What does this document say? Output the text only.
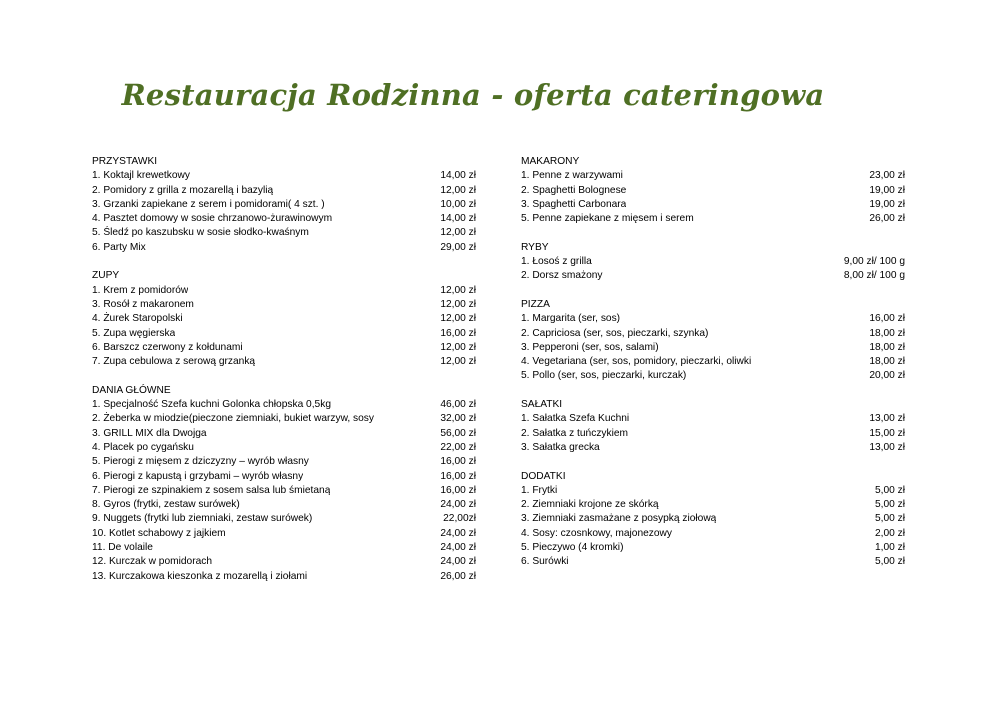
Restauracja Rodzinna - oferta cateringowa
PRZYSTAWKI
1. Koktajl krewetkowy	14,00 zł
2. Pomidory z grilla z mozarellą i bazylią	12,00 zł
3. Grzanki zapiekane z serem i pomidorami( 4 szt. )	10,00 zł
4. Pasztet domowy w sosie chrzanowo-żurawinowym	14,00 zł
5. Śledź po kaszubsku w sosie słodko-kwaśnym	12,00 zł
6. Party Mix	29,00 zł
ZUPY
1. Krem z pomidorów	12,00 zł
3. Rosół z makaronem	12,00 zł
4. Żurek Staropolski	12,00 zł
5. Zupa węgierska	16,00 zł
6. Barszcz czerwony z kołdunami	12,00 zł
7. Zupa cebulowa z serową grzanką	12,00 zł
DANIA GŁÓWNE
1. Specjalność Szefa kuchni Golonka chłopska 0,5kg	46,00 zł
2. Żeberka w miodzie(pieczone ziemniaki, bukiet warzyw, sosy	32,00 zł
3. GRILL MIX dla Dwojga	56,00 zł
4. Placek po cygańsku	22,00 zł
5. Pierogi z mięsem z dziczyzny – wyrób własny	16,00 zł
6. Pierogi z kapustą i grzybami – wyrób własny	16,00 zł
7. Pierogi ze szpinakiem z sosem salsa lub śmietaną	16,00 zł
8. Gyros (frytki, zestaw surówek)	24,00 zł
9. Nuggets (frytki lub ziemniaki, zestaw surówek)	22,00zł
10. Kotlet schabowy z jajkiem	24,00 zł
11. De volaile	24,00 zł
12. Kurczak w pomidorach	24,00 zł
13. Kurczakowa kieszonka z mozarellą i ziołami	26,00 zł
MAKARONY
1. Penne z warzywami	23,00 zł
2. Spaghetti Bolognese	19,00 zł
3. Spaghetti Carbonara	19,00 zł
5. Penne zapiekane z mięsem i serem	26,00 zł
RYBY
1. Łosoś z grilla	9,00 zł/ 100 g
2. Dorsz smażony	8,00 zł/ 100 g
PIZZA
1. Margarita (ser, sos)	16,00 zł
2. Capriciosa (ser, sos, pieczarki, szynka)	18,00 zł
3. Pepperoni (ser, sos, salami)	18,00 zł
4. Vegetariana (ser, sos, pomidory, pieczarki, oliwki	18,00 zł
5. Pollo (ser, sos, pieczarki, kurczak)	20,00 zł
SAŁATKI
1. Sałatka Szefa Kuchni	13,00 zł
2. Sałatka z tuńczykiem	15,00 zł
3. Sałatka grecka	13,00 zł
DODATKI
1. Frytki	5,00 zł
2. Ziemniaki krojone ze skórką	5,00 zł
3. Ziemniaki zasmażane z posypką ziołową	5,00 zł
4. Sosy: czosnkowy, majonezowy	2,00 zł
5. Pieczywo (4 kromki)	1,00 zł
6. Surówki	5,00 zł
